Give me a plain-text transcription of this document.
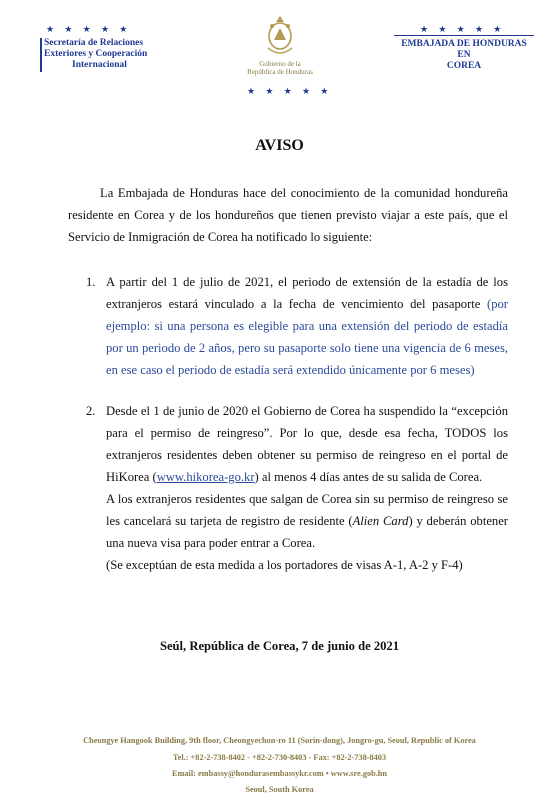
★ ★ ★ ★ ★
Secretaría de Relaciones
Exteriores y Cooperación
Internacional	Gobierno de la
República de Honduras
★ ★ ★ ★ ★
★ ★ ★ ★ ★
EMBAJADA DE HONDURAS EN
COREA
AVISO
La Embajada de Honduras hace del conocimiento de la comunidad hondureña residente en Corea y de los hondureños que tienen previsto viajar a este país, que el Servicio de Inmigración de Corea ha notificado lo siguiente:
1. A partir del 1 de julio de 2021, el periodo de extensión de la estadía de los extranjeros estará vinculado a la fecha de vencimiento del pasaporte (por ejemplo: si una persona es elegible para una extensión del periodo de estadía por un periodo de 2 años, pero su pasaporte solo tiene una vigencia de 6 meses, en ese caso el periodo de estadía será extendido únicamente por 6 meses)
2. Desde el 1 de junio de 2020 el Gobierno de Corea ha suspendido la “excepción para el permiso de reingreso”. Por lo que, desde esa fecha, TODOS los extranjeros residentes deben obtener su permiso de reingreso en el portal de HiKorea (www.hikorea-go.kr) al menos 4 días antes de su salida de Corea.
A los extranjeros residentes que salgan de Corea sin su permiso de reingreso se les cancelará su tarjeta de registro de residente (Alien Card) y deberán obtener una nueva visa para poder entrar a Corea.
(Se exceptúan de esta medida a los portadores de visas A-1, A-2 y F-4)
Seúl, República de Corea, 7 de junio de 2021
Cheongye Hangook Building, 9th floor, Cheongyechon-ro 11 (Sorin-dong), Jongro-gu, Seoul, Republic of Korea
Tel.: +82-2-738-8402 - +82-2-730-8403 - Fax: +82-2-738-8403
Email: embassy@hondurasembassykr.com • www.sre.gob.hn
Seoul, South Korea
